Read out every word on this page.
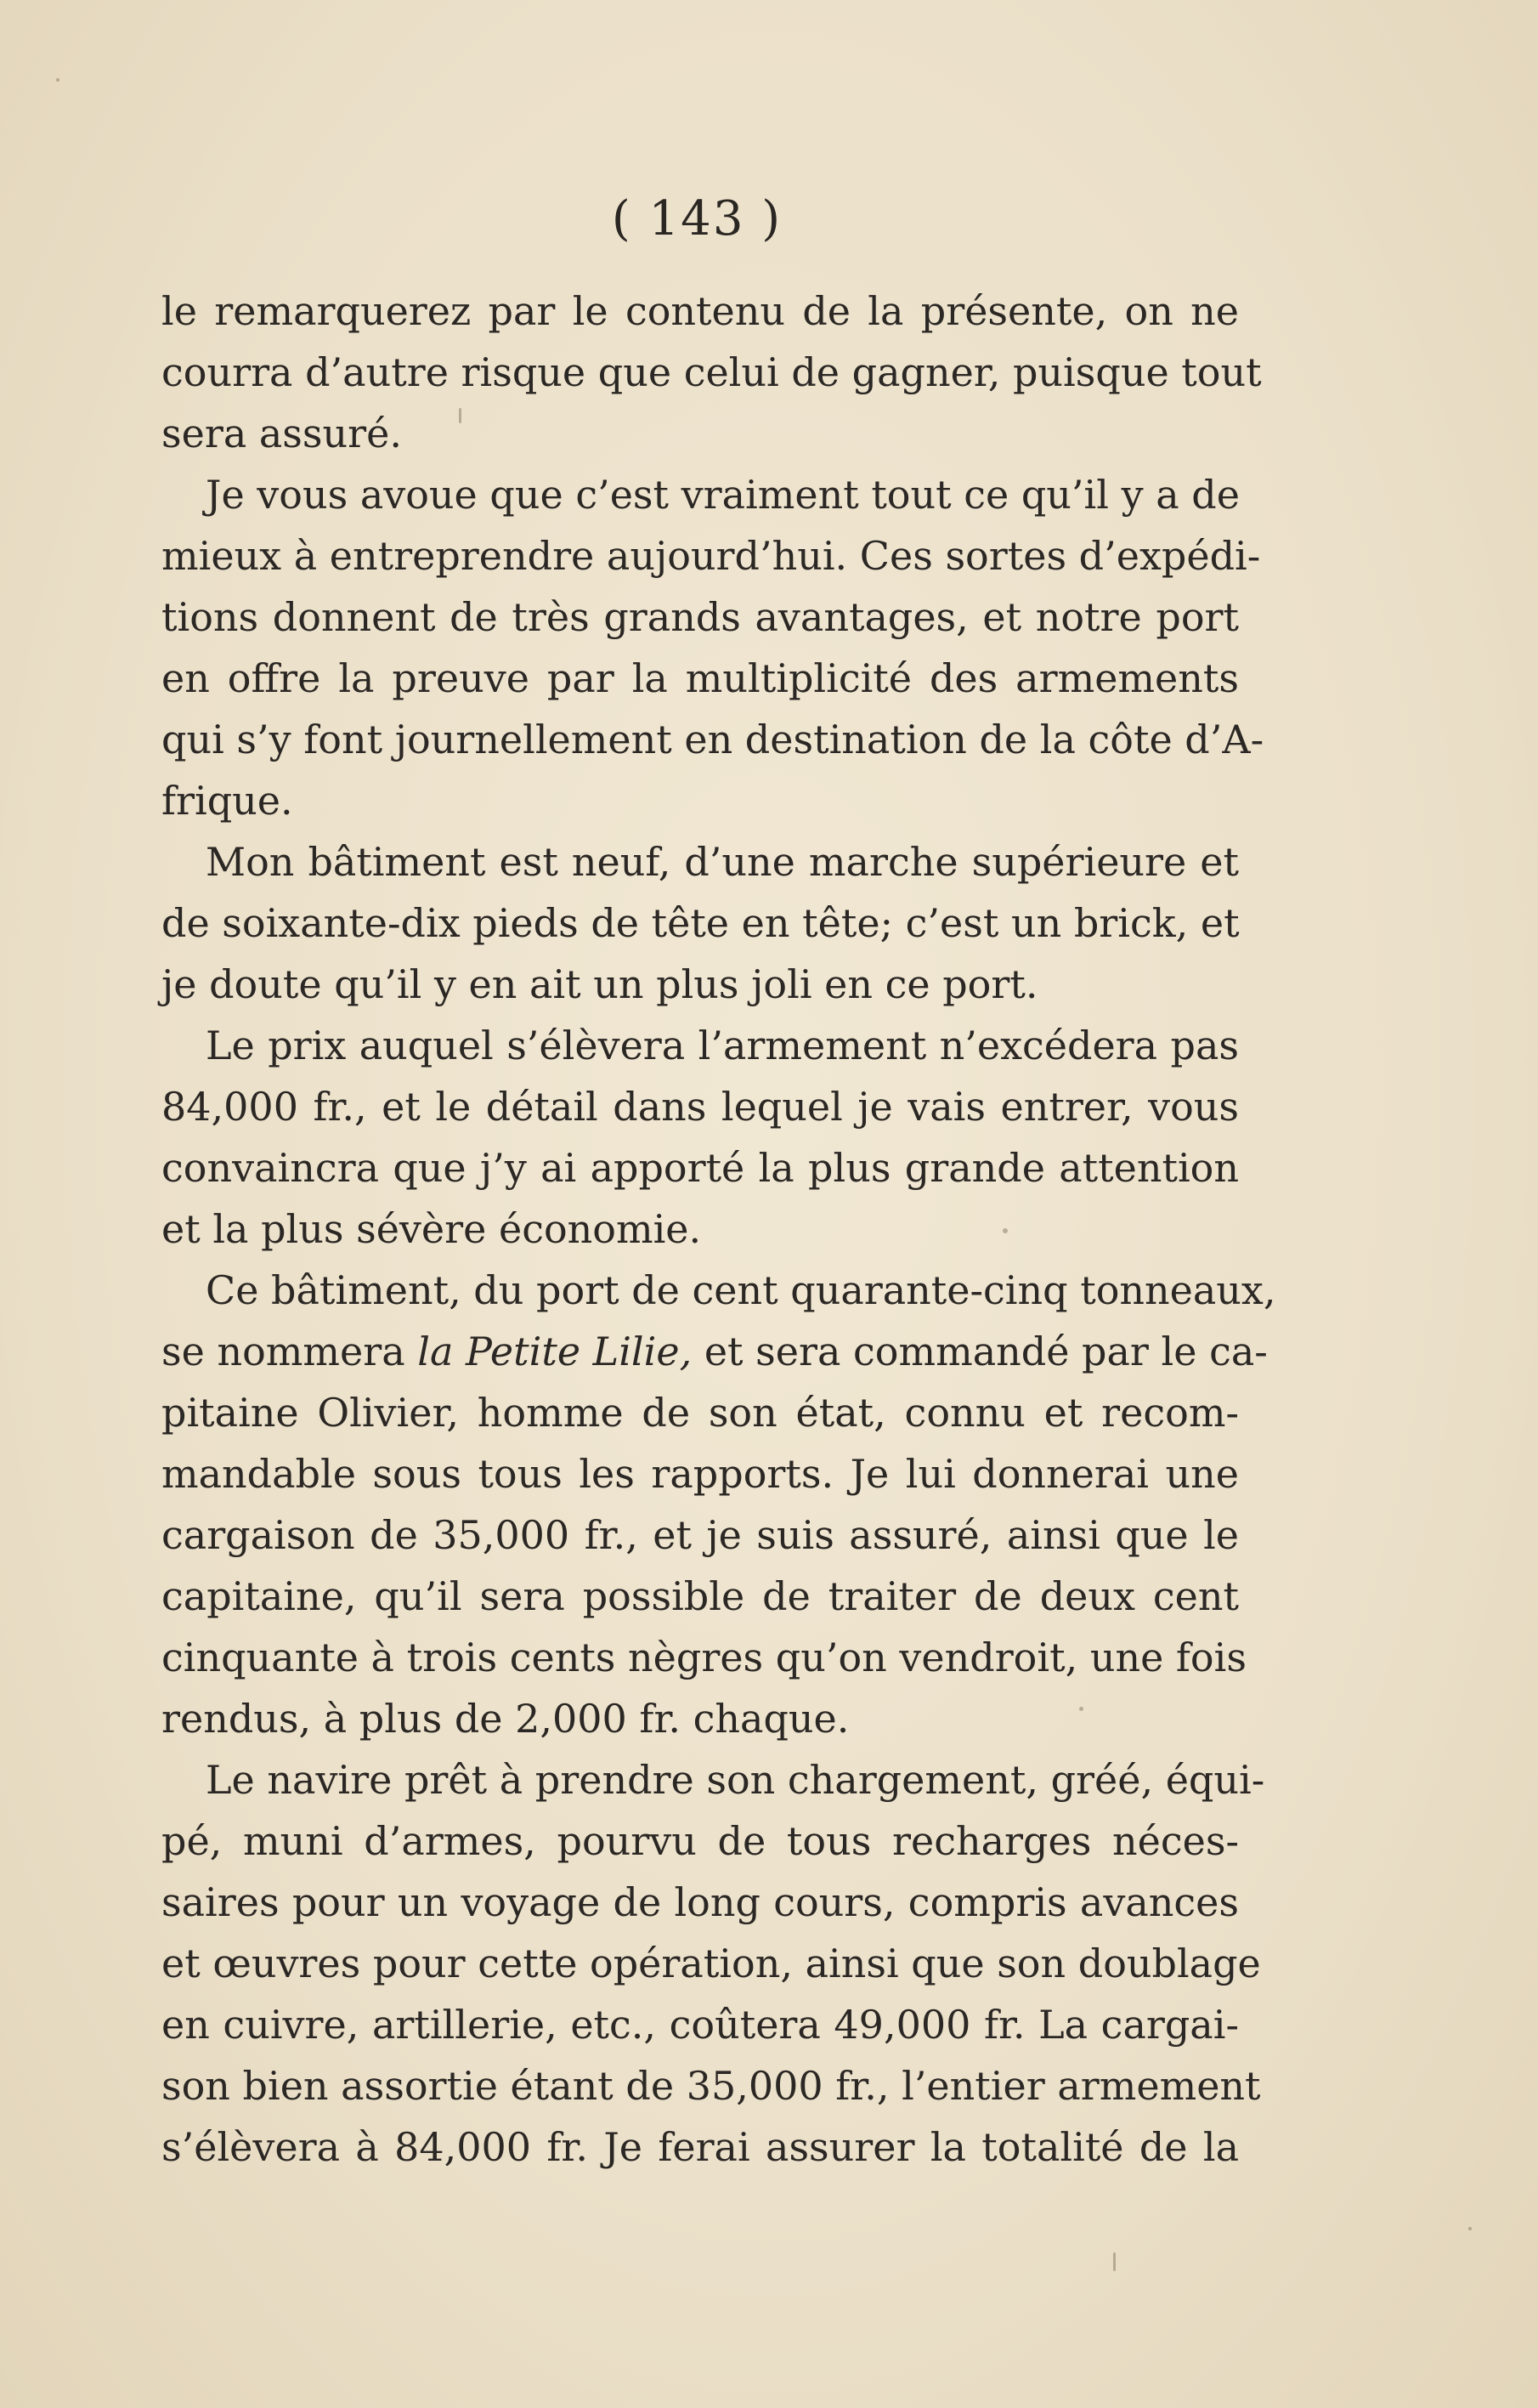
( 143 )
le remarquerez par le contenu de la présente, on ne
courra d’autre risque que celui de gagner, puisque tout
sera assuré.
Je vous avoue que c’est vraiment tout ce qu’il y a de
mieux à entreprendre aujourd’hui. Ces sortes d’expédi-
tions donnent de très grands avantages, et notre port
en offre la preuve par la multiplicité des armements
qui s’y font journellement en destination de la côte d’A-
frique.
Mon bâtiment est neuf, d’une marche supérieure et
de soixante-dix pieds de tête en tête; c’est un brick, et
je doute qu’il y en ait un plus joli en ce port.
Le prix auquel s’élèvera l’armement n’excédera pas
84,000 fr., et le détail dans lequel je vais entrer, vous
convaincra que j’y ai apporté la plus grande attention
et la plus sévère économie.
Ce bâtiment, du port de cent quarante-cinq tonneaux,
se nommera la Petite Lilie, et sera commandé par le ca-
pitaine Olivier, homme de son état, connu et recom-
mandable sous tous les rapports. Je lui donnerai une
cargaison de 35,000 fr., et je suis assuré, ainsi que le
capitaine, qu’il sera possible de traiter de deux cent
cinquante à trois cents nègres qu’on vendroit, une fois
rendus, à plus de 2,000 fr. chaque.
Le navire prêt à prendre son chargement, gréé, équi-
pé, muni d’armes, pourvu de tous recharges néces-
saires pour un voyage de long cours, compris avances
et œuvres pour cette opération, ainsi que son doublage
en cuivre, artillerie, etc., coûtera 49,000 fr. La cargai-
son bien assortie étant de 35,000 fr., l’entier armement
s’élèvera à 84,000 fr. Je ferai assurer la totalité de la
